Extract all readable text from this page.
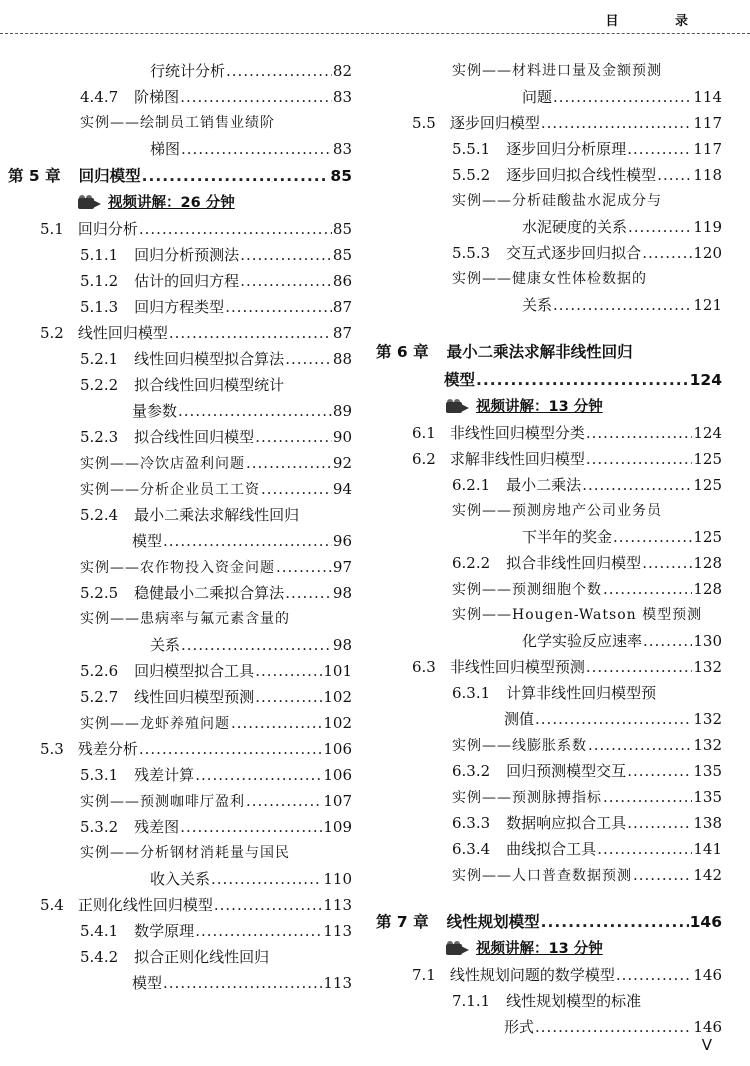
目 录
行统计分析 .....	82
4.4.7 阶梯图 .....	83
实例—— 绘制员工销售业绩阶
梯图 .....	83
第 5 章 回归模型 .....	85
视频讲解：26 分钟
5.1 回归分析 .....	85
5.1.1 回归分析预测法 .....	85
5.1.2 估计的回归方程 .....	86
5.1.3 回归方程类型 .....	87
5.2 线性回归模型 .....	87
5.2.1 线性回归模型拟合算法 .....	88
5.2.2 拟合线性回归模型统计
量参数 .....	89
5.2.3 拟合线性回归模型 .....	90
实例—— 冷饮店盈利问题 .....	92
实例—— 分析企业员工工资 .....	94
5.2.4 最小二乘法求解线性回归
模型 .....	96
实例—— 农作物投入资金问题 .....	97
5.2.5 稳健最小二乘拟合算法 .....	98
实例—— 患病率与氟元素含量的
关系 .....	98
5.2.6 回归模型拟合工具 .....	101
5.2.7 线性回归模型预测 .....	102
实例—— 龙虾养殖问题 .....	102
5.3 残差分析 .....	106
5.3.1 残差计算 .....	106
实例—— 预测咖啡厅盈利 .....	107
5.3.2 残差图 .....	109
实例—— 分析钢材消耗量与国民
收入关系 .....	110
5.4 正则化线性回归模型 .....	113
5.4.1 数学原理 .....	113
5.4.2 拟合正则化线性回归
模型 .....	113
实例—— 材料进口量及金额预测
问题 .....	114
5.5 逐步回归模型 .....	117
5.5.1 逐步回归分析原理 .....	117
5.5.2 逐步回归拟合线性模型 ..... 118
实例—— 分析硅酸盐水泥成分与
水泥硬度的关系 .....	119
5.5.3 交互式逐步回归拟合 .....	120
实例—— 健康女性体检数据的
关系 .....	121
第 6 章 最小二乘法求解非线性回归
模型 .....	124
视频讲解：13 分钟
6.1 非线性回归模型分类 .....	124
6.2 求解非线性回归模型 .....	125
6.2.1 最小二乘法 .....	125
实例—— 预测房地产公司业务员
下半年的奖金 .....	125
6.2.2 拟合非线性回归模型 .....	128
实例—— 预测细胞个数 .....	128
实例—— Hougen-Watson 模型预测
化学实验反应速率 .....	130
6.3 非线性回归模型预测 .....	132
6.3.1 计算非线性回归模型预
测值 .....	132
实例—— 线膨胀系数 .....	132
6.3.2 回归预测模型交互 .....	135
实例—— 预测脉搏指标 .....	135
6.3.3 数据响应拟合工具 .....	138
6.3.4 曲线拟合工具 .....	141
实例—— 人口普查数据预测 .....	142
第 7 章 线性规划模型 .....	146
视频讲解：13 分钟
7.1 线性规划问题的数学模型 .....	146
7.1.1 线性规划模型的标准
形式 .....	146
V
